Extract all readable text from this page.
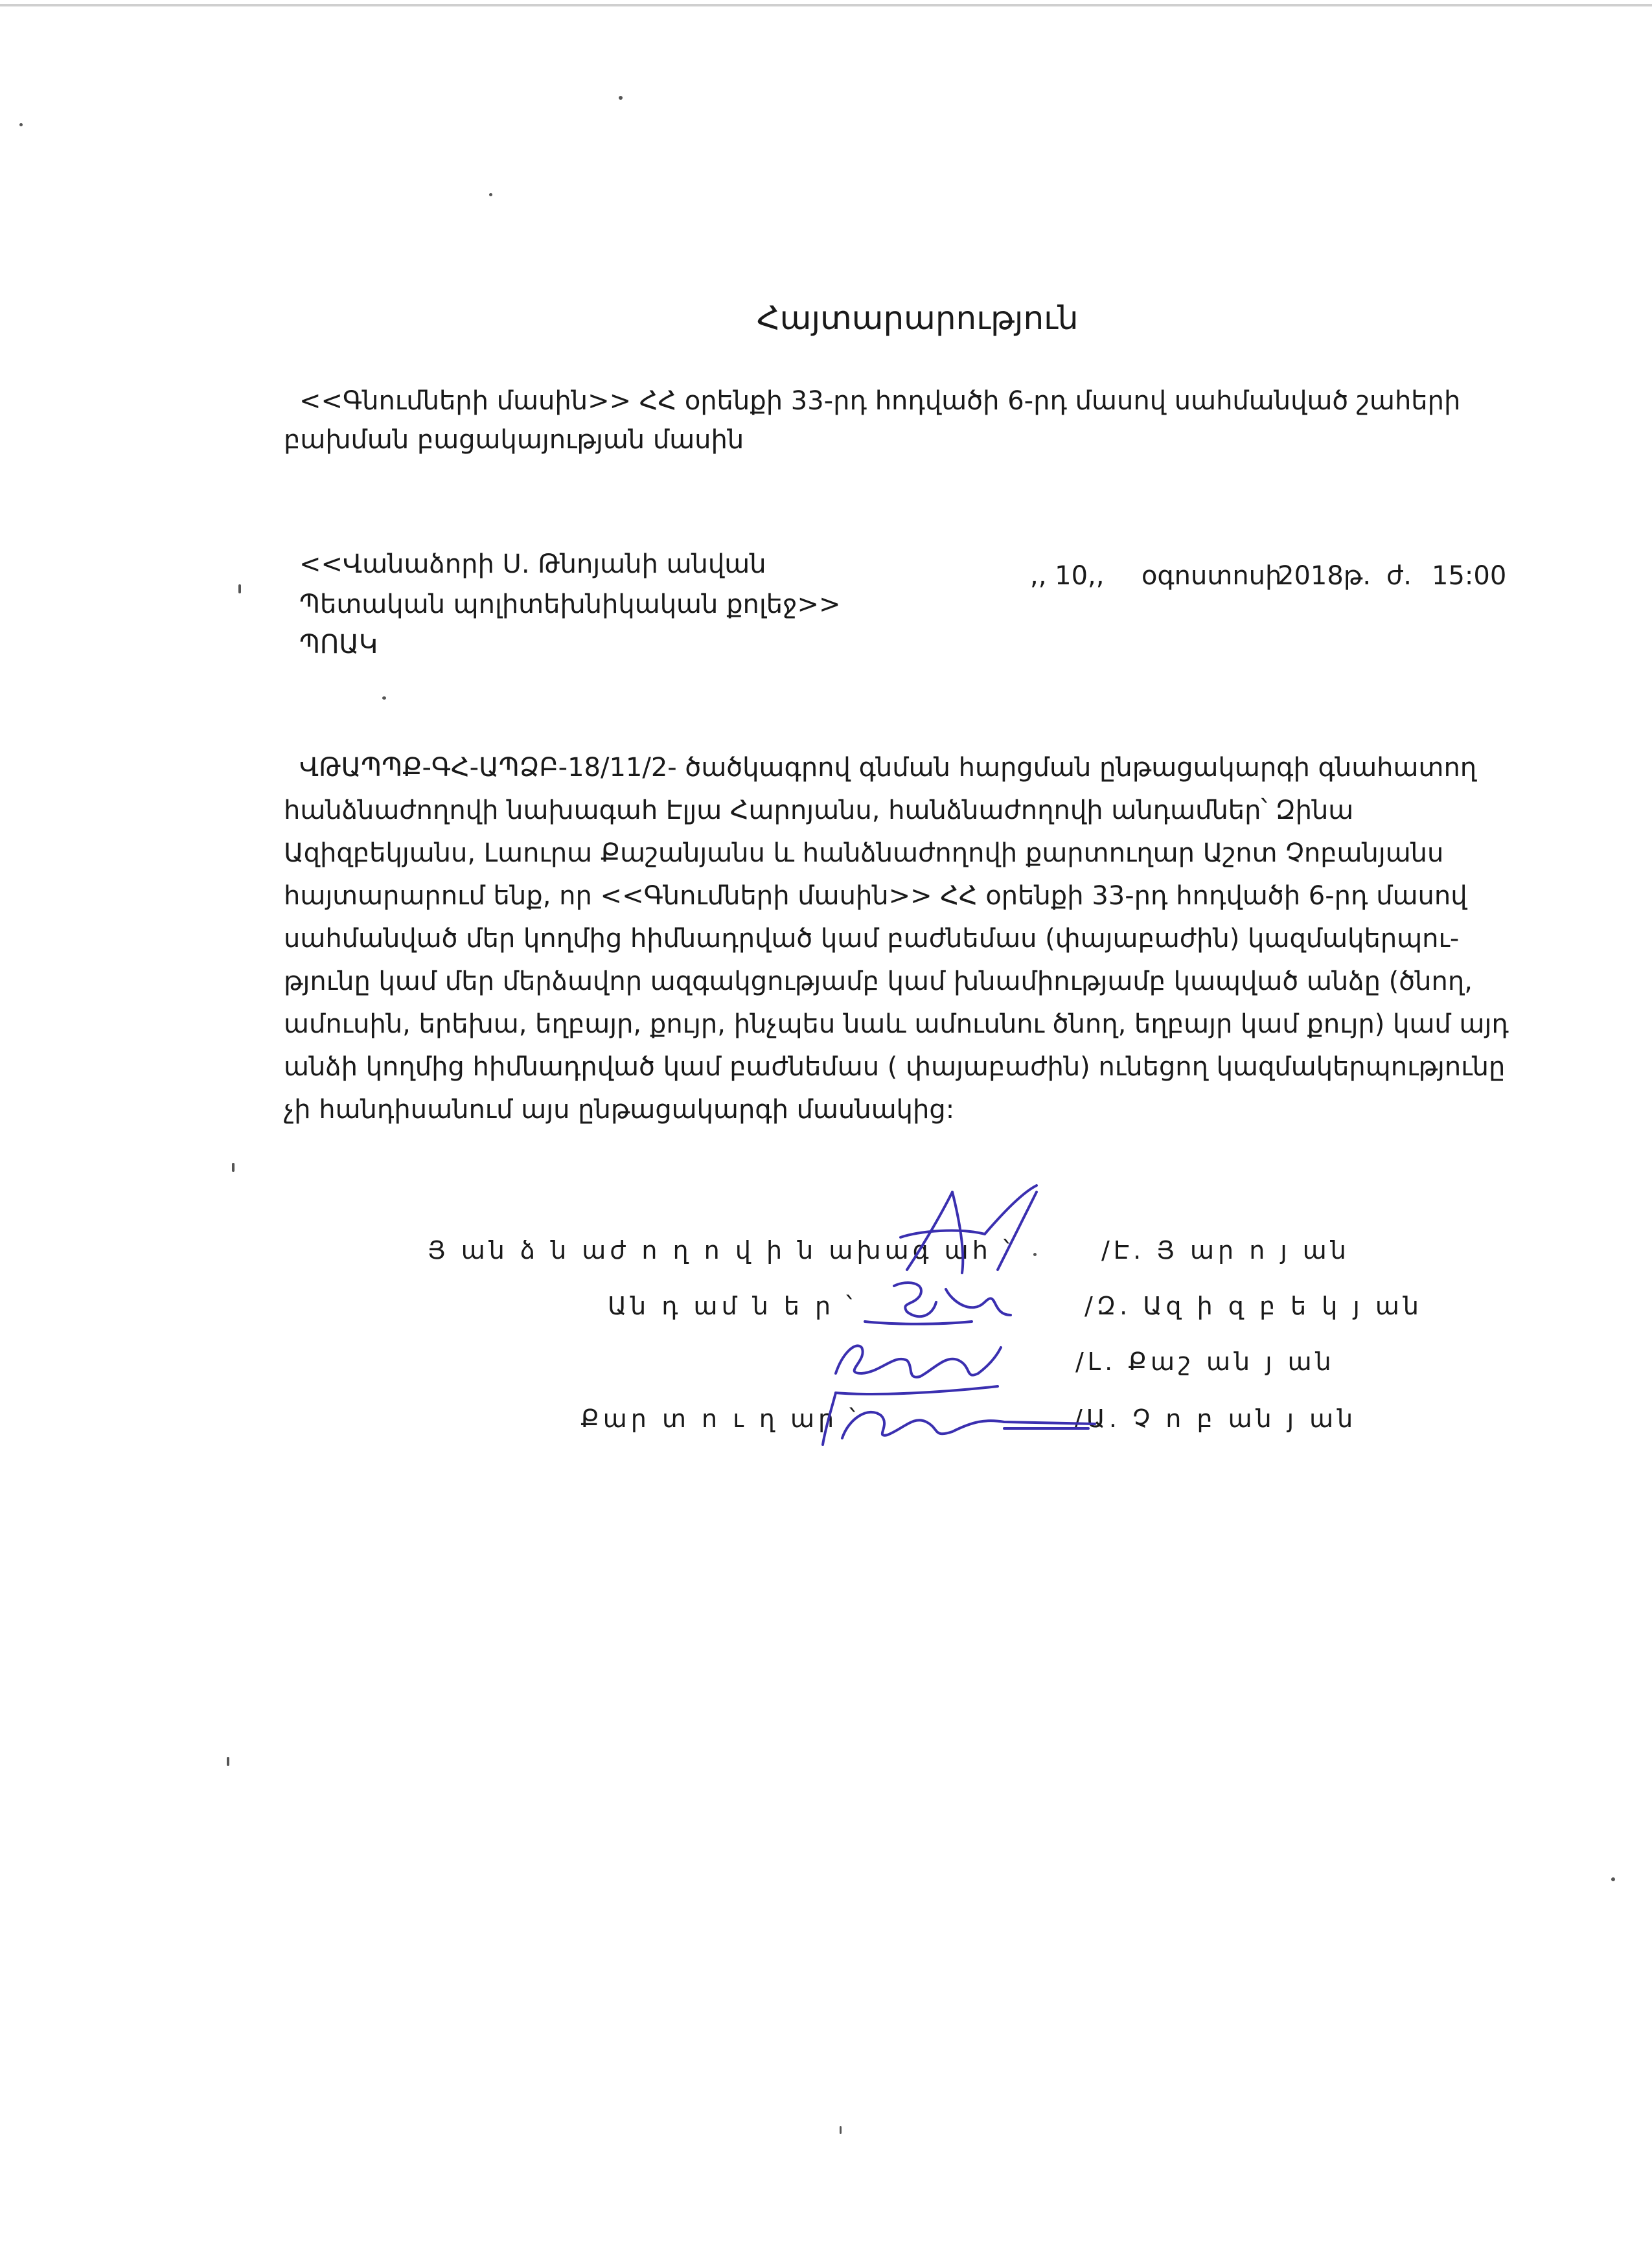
Հայտարարություն
<<Գնումների մասին>> ՀՀ օրենքի 33-րդ հոդվածի 6-րդ մասով սահմանված շահերի
բախման բացակայության մասին
<<Վանաձորի Ս. Թնոյանի անվան
Պետական պոլիտեխնիկական քոլեջ>>
ՊՈԱԿ
,, 10,, օգոստոսի
2018թ. ժ. 15:00
ՎԹԱՊՊՔ-ԳՀ-ԱՊՁԲ-18/11/2- ծածկագրով գնման հարցման ընթացակարգի գնահատող
հանձնաժողովի նախագահ Էլյա Հարոյանս, հանձնաժողովի անդամներ՝ Զինա
Ազիզբեկյանս, Լաուրա Քաշանյանս և հանձնաժողովի քարտուղար Աշոտ Չոբանյանս
հայտարարում ենք, որ <<Գնումների մասին>> ՀՀ օրենքի 33-րդ հոդվածի 6-րդ մասով
սահմանված մեր կողմից հիմնադրված կամ բաժնեմաս (փայաբաժին) կազմակերպու-
թյունը կամ մեր մերձավոր ազգակցությամբ կամ խնամիությամբ կապված անձը (ծնող,
ամուսին, երեխա, եղբայր, քույր, ինչպես նաև ամուսնու ծնող, եղբայր կամ քույր) կամ այդ
անձի կողմից հիմնադրված կամ բաժնեմաս ( փայաբաժին) ունեցող կազմակերպությունը
չի հանդիսանում այս ընթացակարգի մասնակից:
Յ ան ձ ն աժ ո ղ ո վ ի ն ախագ ահ ՝
Ան դ ամ ն ե ր ՝
Քար տ ո ւ ղ ար ՝
/Է. Յ ար ո յ ան
/Զ. Ազ ի զ բ ե կ յ ան
/Լ. Քաշ ան յ ան
/Ա. Չ ո բ ան յ ան
